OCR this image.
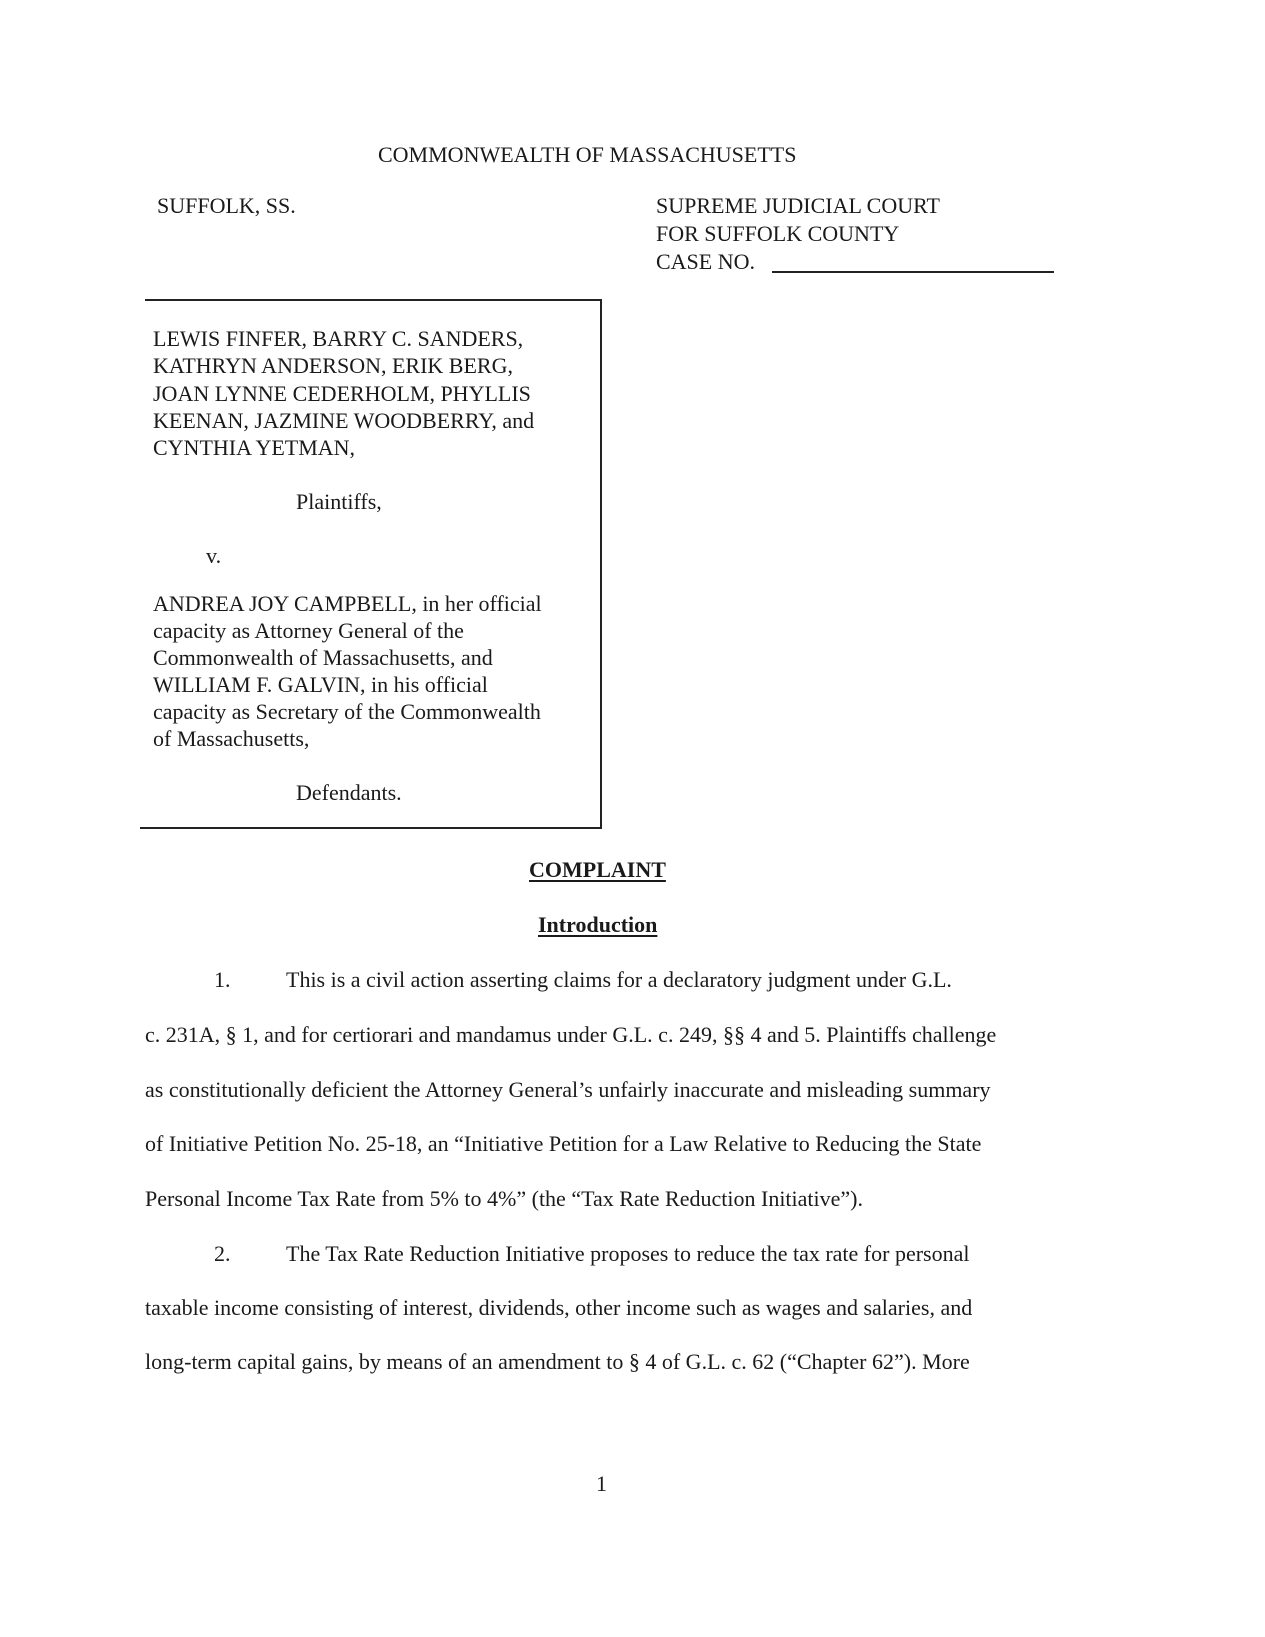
COMMONWEALTH OF MASSACHUSETTS
SUFFOLK, SS.	SUPREME JUDICIAL COURT
FOR SUFFOLK COUNTY
CASE NO.
LEWIS FINFER, BARRY C. SANDERS,
KATHRYN ANDERSON, ERIK BERG,
JOAN LYNNE CEDERHOLM, PHYLLIS
KEENAN, JAZMINE WOODBERRY, and
CYNTHIA YETMAN,
Plaintiffs,
v.
ANDREA JOY CAMPBELL, in her official
capacity as Attorney General of the
Commonwealth of Massachusetts, and
WILLIAM F. GALVIN, in his official
capacity as Secretary of the Commonwealth
of Massachusetts,
Defendants.
COMPLAINT
Introduction
1.	This is a civil action asserting claims for a declaratory judgment under G.L.
c. 231A, § 1, and for certiorari and mandamus under G.L. c. 249, §§ 4 and 5. Plaintiffs challenge
as constitutionally deficient the Attorney General’s unfairly inaccurate and misleading summary
of Initiative Petition No. 25-18, an “Initiative Petition for a Law Relative to Reducing the State
Personal Income Tax Rate from 5% to 4%” (the “Tax Rate Reduction Initiative”).
2.	The Tax Rate Reduction Initiative proposes to reduce the tax rate for personal
taxable income consisting of interest, dividends, other income such as wages and salaries, and
long-term capital gains, by means of an amendment to § 4 of G.L. c. 62 (“Chapter 62”). More
1
